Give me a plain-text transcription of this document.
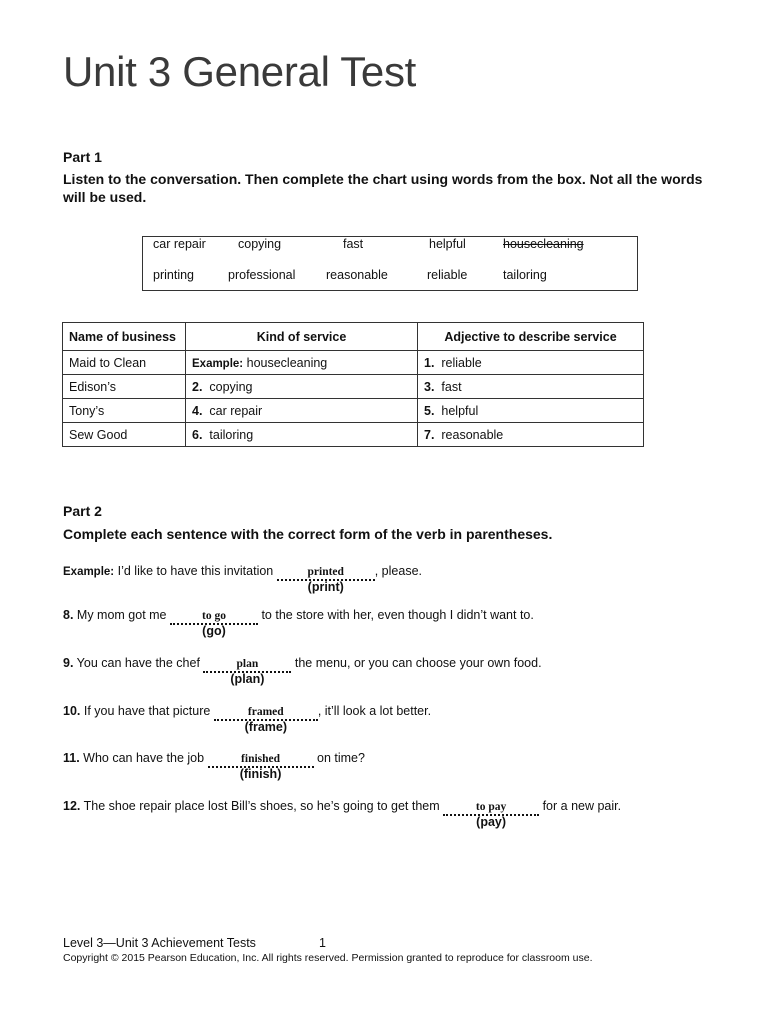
Unit 3 General Test
Part 1
Listen to the conversation. Then complete the chart using words from the box. Not all the words will be used.
car repair	copying	fast	helpful	housecleaning
printing	professional reasonable	reliable	tailoring
Name of business	Kind of service	Adjective to describe service
Maid to Clean	Example: housecleaning	1. reliable
Edison’s	2. copying	3. fast
Tony’s	4. car repair	5. helpful
Sew Good	6. tailoring	7. reasonable
Part 2
Complete each sentence with the correct form of the verb in parentheses.
Example: I’d like to have this invitation	printed
(print)
, please.
8. My mom got me	to go
(go)
to the store with her, even though I didn’t want to.
9. You can have the chef	plan
(plan)
the menu, or you can choose your own food.
10. If you have that picture	framed
(frame)
, it’ll look a lot better.
11. Who can have the job	finished
(finish)
on time?
12. The shoe repair place lost Bill’s shoes, so he’s going to get them	to pay
(pay)
for a new pair.
Level 3—Unit 3 Achievement Tests	1
Copyright © 2015 Pearson Education, Inc. All rights reserved. Permission granted to reproduce for classroom use.
